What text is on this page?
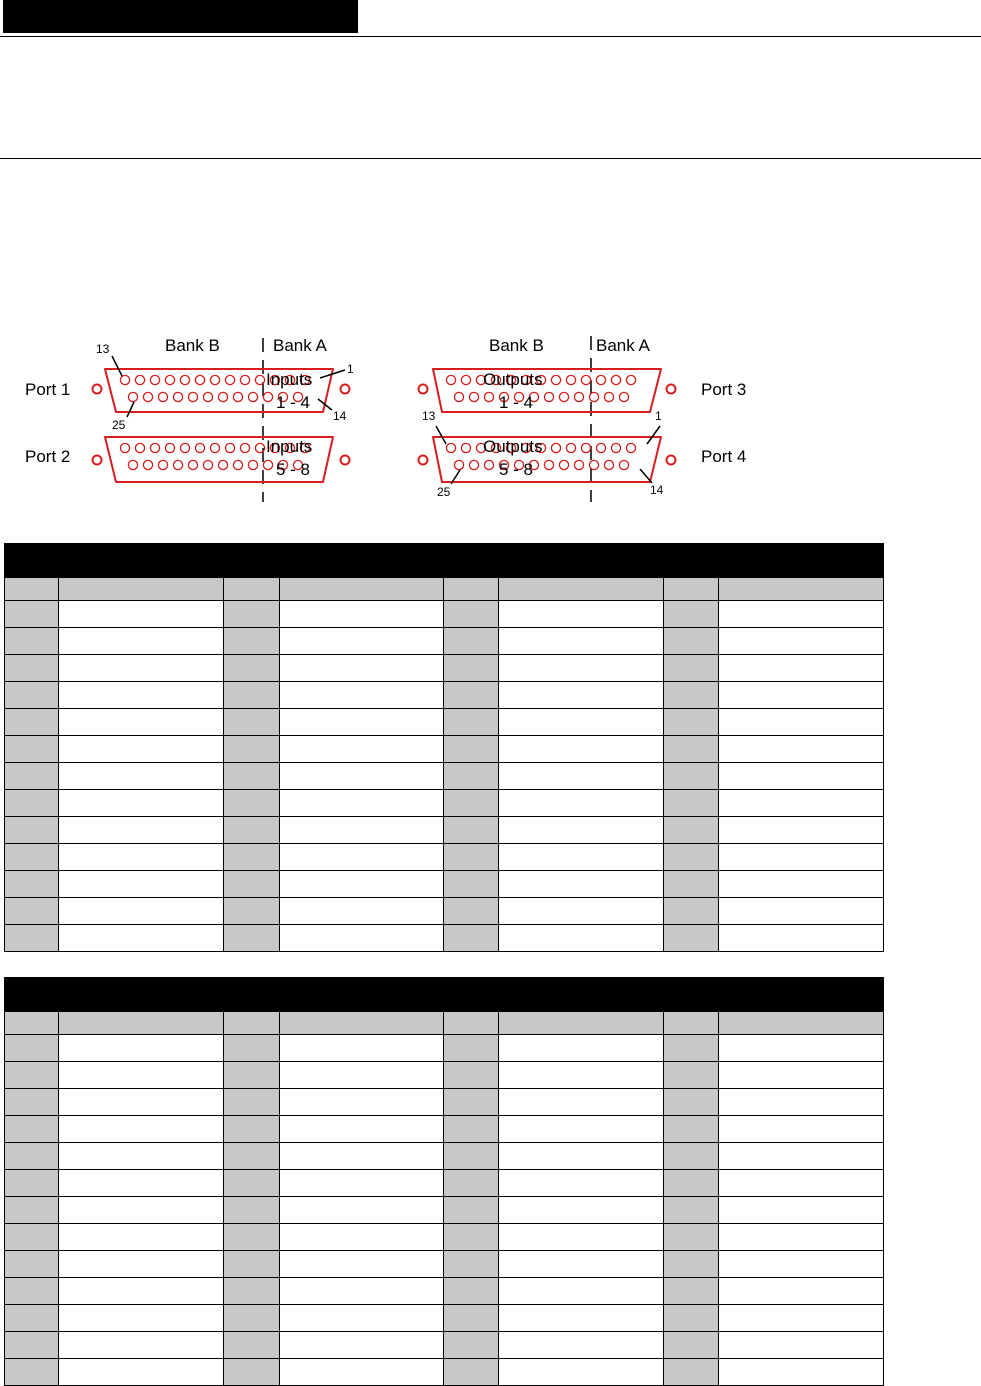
Bank B	Bank A
Port 1
Port 2
Inputs
1 - 4
Inputs
5 - 8
13
25
1
14
Bank B	Bank A
Port 3
Port 4
Outputs
1 - 4
Outputs
5 - 8
13
25
1
14
